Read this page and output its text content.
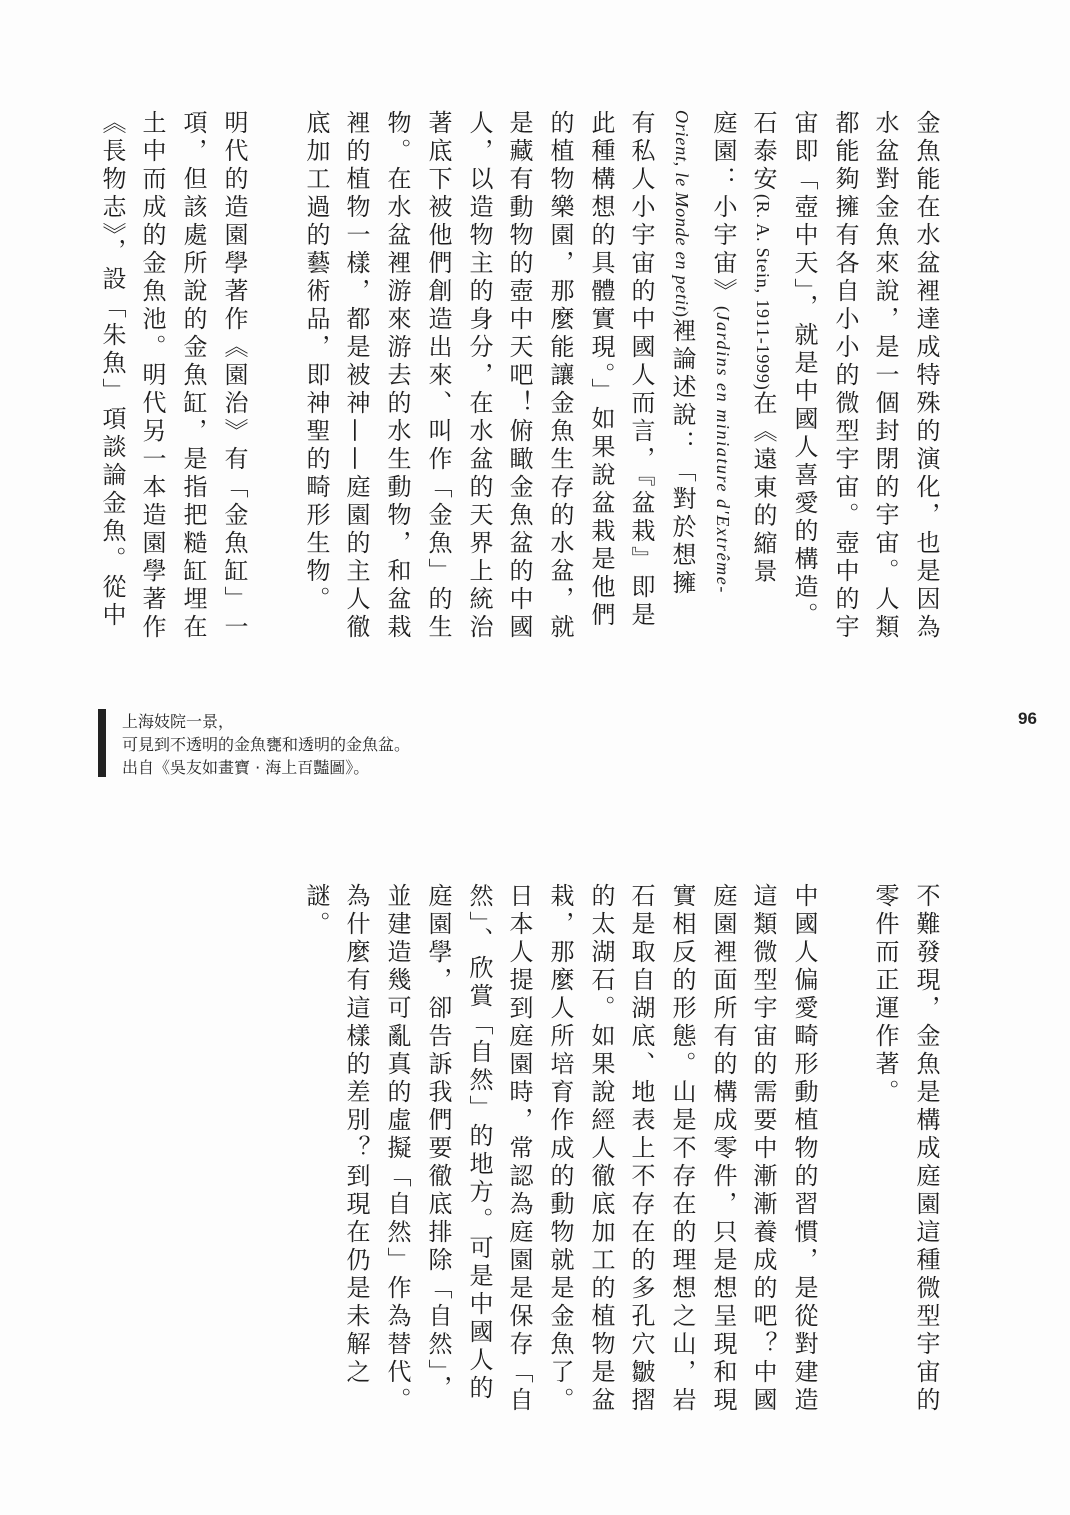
金魚能在水盆裡達成特殊的演化，也是因為
水盆對金魚來說，是一個封閉的宇宙。人類
都能夠擁有各自小小的微型宇宙。壺中的宇
宙即「壺中天」，就是中國人喜愛的構造。
石泰安(R. A. Stein, 1911-1999)在《遠東的縮景
庭園：小宇宙》(Jardins en miniature d'Extrême-
Orient, le Monde en petit)裡論述說：「對於想擁
有私人小宇宙的中國人而言，『盆栽』即是
此種構想的具體實現。」如果說盆栽是他們
的植物樂園，那麼能讓金魚生存的水盆，就
是藏有動物的壺中天吧！俯瞰金魚盆的中國
人，以造物主的身分，在水盆的天界上統治
著底下被他們創造出來、叫作「金魚」的生
物。在水盆裡游來游去的水生動物，和盆栽
裡的植物一樣，都是被神——庭園的主人徹
底加工過的藝術品，即神聖的畸形生物。
明代的造園學著作《園治》有「金魚缸」一
項，但該處所說的金魚缸，是指把糙缸埋在
土中而成的金魚池。明代另一本造園學著作
《長物志》，設「朱魚」項談論金魚。從中
上海妓院一景，
可見到不透明的金魚甕和透明的金魚盆。
出自《吳友如畫寶 · 海上百豔圖》。
96
不難發現，金魚是構成庭園這種微型宇宙的
零件而正運作著。
中國人偏愛畸形動植物的習慣，是從對建造
這類微型宇宙的需要中漸漸養成的吧？中國
庭園裡面所有的構成零件，只是想呈現和現
實相反的形態。山是不存在的理想之山，岩
石是取自湖底、地表上不存在的多孔穴皺摺
的太湖石。如果說經人徹底加工的植物是盆
栽，那麼人所培育作成的動物就是金魚了。
日本人提到庭園時，常認為庭園是保存「自
然」、欣賞「自然」的地方。可是中國人的
庭園學，卻告訴我們要徹底排除「自然」，
並建造幾可亂真的虛擬「自然」作為替代。
為什麼有這樣的差別？到現在仍是未解之
謎。
